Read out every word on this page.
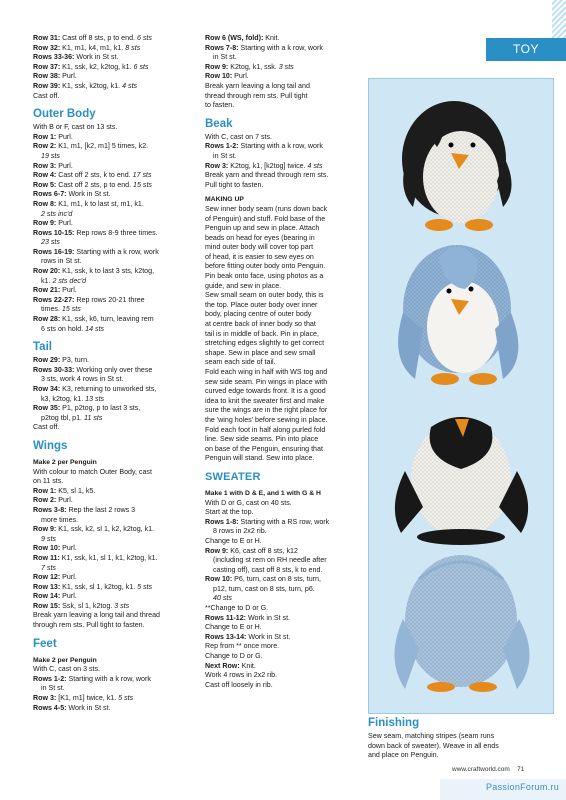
TOY
Row 31: Cast off 8 sts, p to end. 6 sts
Row 32: K1, m1, k4, m1, k1. 8 sts
Rows 33-36: Work in St st.
Row 37: K1, ssk, k2, k2tog, k1. 6 sts
Row 38: Purl.
Row 39: K1, ssk, k2tog, k1. 4 sts
Cast off.
Outer Body
With B or F, cast on 13 sts.
Row 1: Purl.
Row 2: K1, m1, [k2, m1] 5 times, k2.
19 sts
Row 3: Purl.
Row 4: Cast off 2 sts, k to end. 17 sts
Row 5: Cast off 2 sts, p to end. 15 sts
Rows 6-7: Work in St st.
Row 8: K1, m1, k to last st, m1, k1.
2 sts inc'd
Row 9: Purl.
Rows 10-15: Rep rows 8-9 three times.
23 sts
Rows 16-19: Starting with a k row, work
rows in St st.
Row 20: K1, ssk, k to last 3 sts, k2tog,
k1. 2 sts dec'd
Row 21: Purl.
Rows 22-27: Rep rows 20-21 three
times. 15 sts
Row 28: K1, ssk, k6, turn, leaving rem
6 sts on hold. 14 sts
Tail
Row 29: P3, turn.
Rows 30-33: Working only over these
3 sts, work 4 rows in St st.
Row 34: K3, returning to unworked sts,
k3, k2tog, k1. 13 sts
Row 35: P1, p2tog, p to last 3 sts,
p2tog tbl, p1. 11 sts
Cast off.
Wings
Make 2 per Penguin
With colour to match Outer Body, cast
on 11 sts.
Row 1: K5, sl 1, k5.
Row 2: Purl.
Rows 3-8: Rep the last 2 rows 3
more times.
Row 9: K1, ssk, k2, sl 1, k2, k2tog, k1.
9 sts
Row 10: Purl.
Row 11: K1, ssk, k1, sl 1, k1, k2tog, k1.
7 sts
Row 12: Purl.
Row 13: K1, ssk, sl 1, k2tog, k1. 5 sts
Row 14: Purl.
Row 15: Ssk, sl 1, k2tog. 3 sts
Break yarn leaving a long tail and thread
through rem sts. Pull tight to fasten.
Feet
Make 2 per Penguin
With C, cast on 3 sts.
Rows 1-2: Starting with a k row, work
in St st.
Row 3: [K1, m1] twice, k1. 5 sts
Rows 4-5: Work in St st.
Row 6 (WS, fold): Knit.
Rows 7-8: Starting with a k row, work
in St st.
Row 9: K2tog, k1, ssk. 3 sts
Row 10: Purl.
Break yarn leaving a long tail and
thread through rem sts. Pull tight
to fasten.
Beak
With C, cast on 7 sts.
Rows 1-2: Starting with a k row, work
in St st.
Row 3: K2tog, k1, [k2tog] twice. 4 sts
Break yarn and thread through rem sts.
Pull tight to fasten.
MAKING UP
Sew inner body seam (runs down back
of Penguin) and stuff. Fold base of the
Penguin up and sew in place. Attach
beads on head for eyes (bearing in
mind outer body will cover top part
of head, it is easier to sew eyes on
before fitting outer body onto Penguin.
Pin beak onto face, using photos as a
guide, and sew in place.
Sew small seam on outer body, this is
the top. Place outer body over inner
body, placing centre of outer body
at centre back of inner body so that
tail is in middle of back. Pin in place,
stretching edges slightly to get correct
shape. Sew in place and sew small
seam each side of tail.
Fold each wing in half with WS tog and
sew side seam. Pin wings in place with
curved edge towards front. It is a good
idea to knit the sweater first and make
sure the wings are in the right place for
the 'wing holes' before sewing in place.
Fold each foot in half along purled fold
line. Sew side seams. Pin into place
on base of the Penguin, ensuring that
Penguin will stand. Sew into place.
SWEATER
Make 1 with D & E, and 1 with G & H
With D or G, cast on 40 sts.
Start at the top.
Rows 1-8: Starting with a RS row, work
8 rows in 2x2 rib.
Change to E or H.
Row 9: K6, cast off 8 sts, k12
(including st rem on RH needle after
casting off), cast off 8 sts, k to end.
Row 10: P6, turn, cast on 8 sts, turn,
p12, turn, cast on 8 sts, turn, p6.
40 sts
**Change to D or G.
Rows 11-12: Work in St st.
Change to E or H.
Rows 13-14: Work in St st.
Rep from ** once more.
Change to D or G.
Next Row: Knit.
Work 4 rows in 2x2 rib.
Cast off loosely in rib.
Finishing
Sew seam, matching stripes (seam runs
down back of sweater). Weave in all ends
and place on Penguin.
www.craftworld.com 71
PassionForum.ru
